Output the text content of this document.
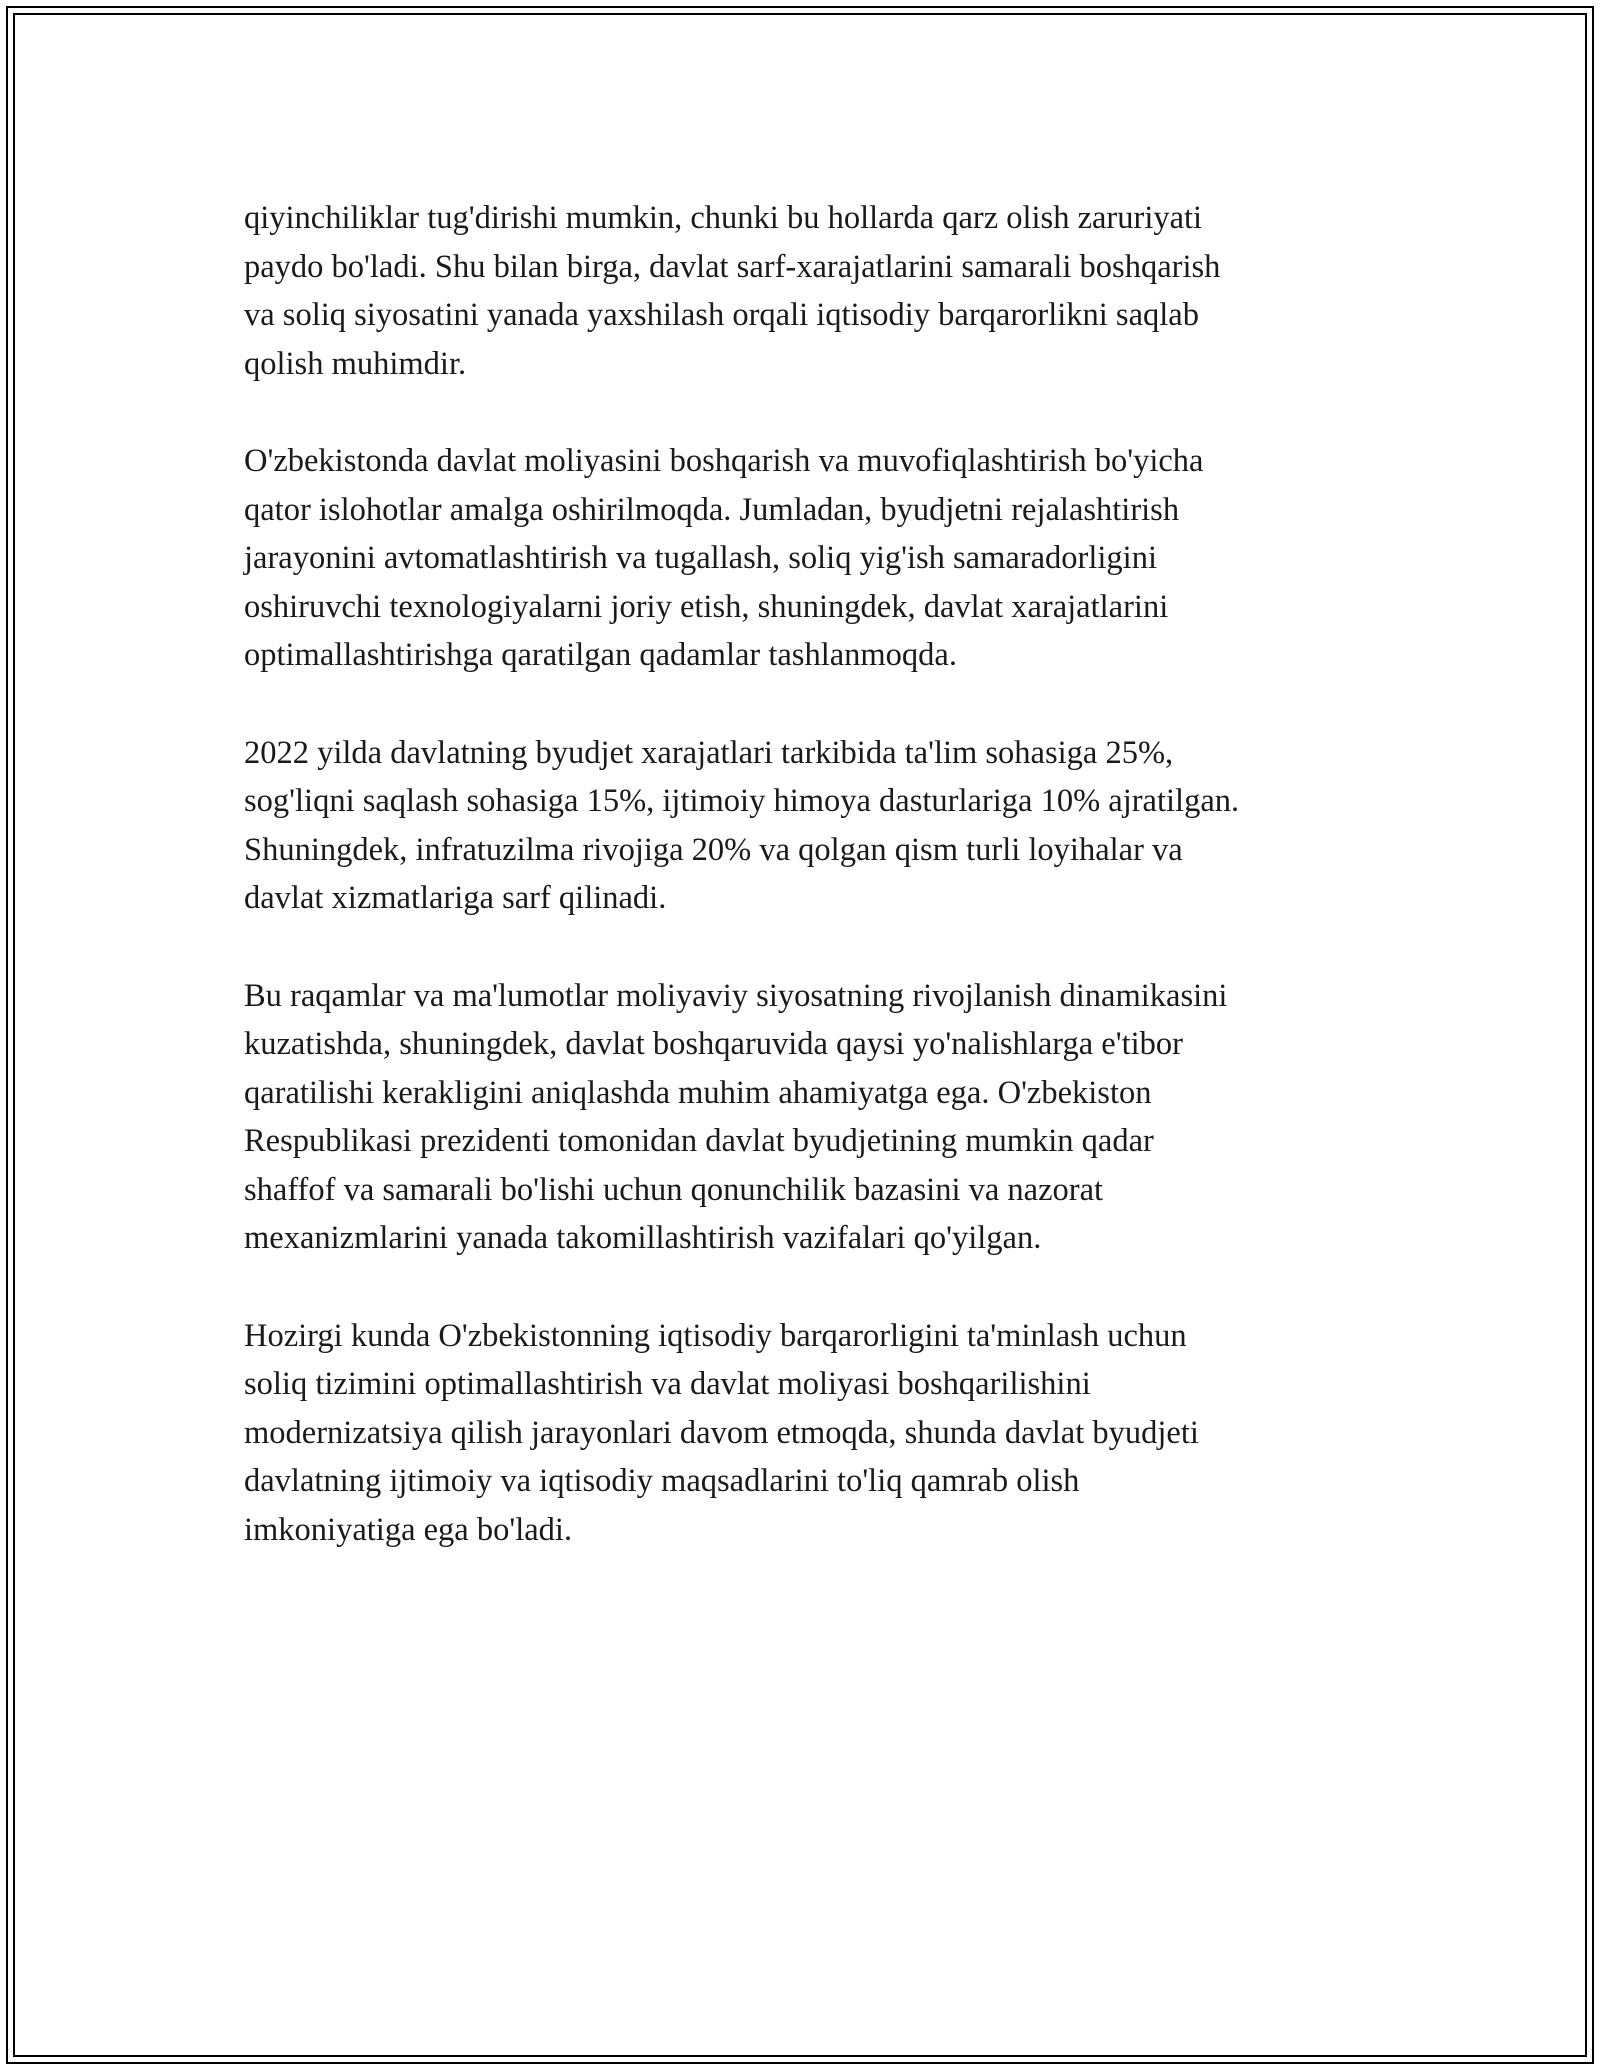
qiyinchiliklar tug'dirishi mumkin, chunki bu hollarda qarz olish zaruriyati
paydo bo'ladi. Shu bilan birga, davlat sarf-xarajatlarini samarali boshqarish
va soliq siyosatini yanada yaxshilash orqali iqtisodiy barqarorlikni saqlab
qolish muhimdir.

O'zbekistonda davlat moliyasini boshqarish va muvofiqlashtirish bo'yicha
qator islohotlar amalga oshirilmoqda. Jumladan, byudjetni rejalashtirish
jarayonini avtomatlashtirish va tugallash, soliq yig'ish samaradorligini
oshiruvchi texnologiyalarni joriy etish, shuningdek, davlat xarajatlarini
optimallashtirishga qaratilgan qadamlar tashlanmoqda.

2022 yilda davlatning byudjet xarajatlari tarkibida ta'lim sohasiga 25%,
sog'liqni saqlash sohasiga 15%, ijtimoiy himoya dasturlariga 10% ajratilgan.
Shuningdek, infratuzilma rivojiga 20% va qolgan qism turli loyihalar va
davlat xizmatlariga sarf qilinadi.

Bu raqamlar va ma'lumotlar moliyaviy siyosatning rivojlanish dinamikasini
kuzatishda, shuningdek, davlat boshqaruvida qaysi yo'nalishlarga e'tibor
qaratilishi kerakligini aniqlashda muhim ahamiyatga ega. O'zbekiston
Respublikasi prezidenti tomonidan davlat byudjetining mumkin qadar
shaffof va samarali bo'lishi uchun qonunchilik bazasini va nazorat
mexanizmlarini yanada takomillashtirish vazifalari qo'yilgan.

Hozirgi kunda O'zbekistonning iqtisodiy barqarorligini ta'minlash uchun
soliq tizimini optimallashtirish va davlat moliyasi boshqarilishini
modernizatsiya qilish jarayonlari davom etmoqda, shunda davlat byudjeti
davlatning ijtimoiy va iqtisodiy maqsadlarini to'liq qamrab olish
imkoniyatiga ega bo'ladi.
